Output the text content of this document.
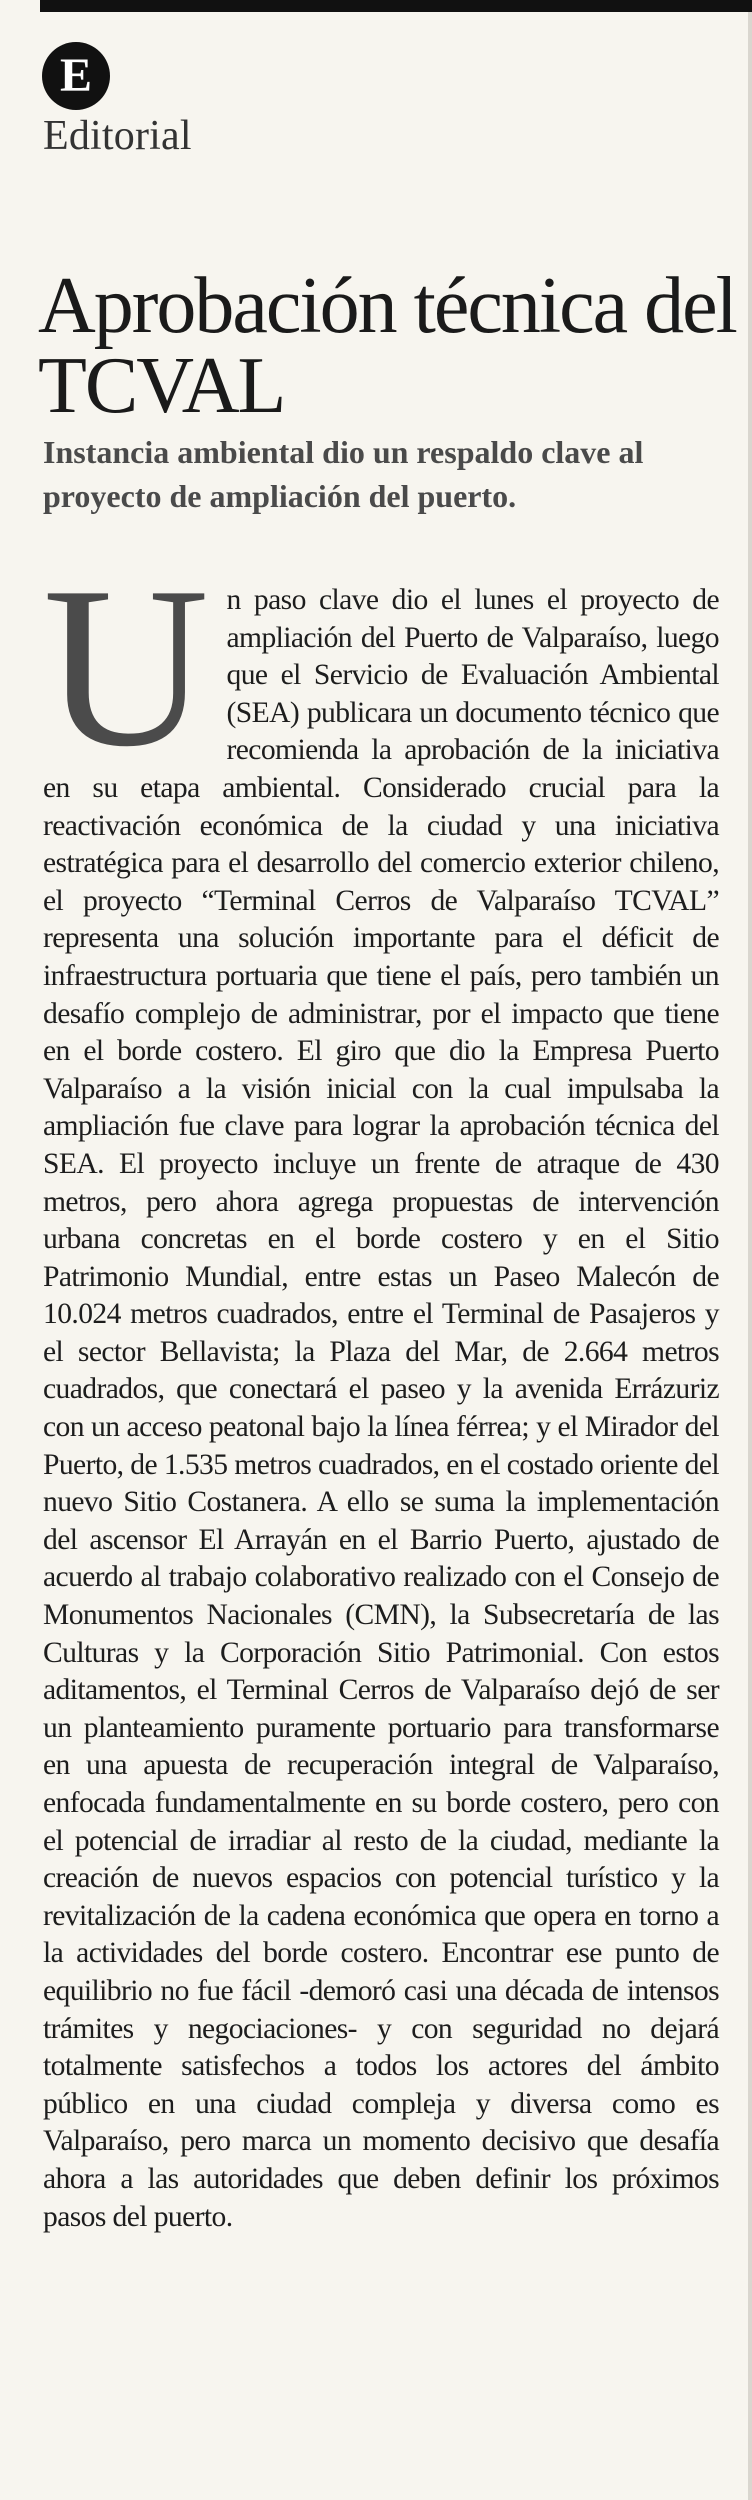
E
Editorial
Aprobación técnica del TCVAL
Instancia ambiental dio un respaldo clave al proyecto de ampliación del puerto.
Un paso clave dio el lunes el proyecto de ampliación del Puerto de Valparaíso, luego que el Servicio de Evaluación Ambiental (SEA) publicara un documento técnico que recomienda la aprobación de la iniciativa en su etapa ambiental. Considerado crucial para la reactivación económica de la ciudad y una iniciativa estratégica para el desarrollo del comercio exterior chileno, el proyecto “Terminal Cerros de Valparaíso TCVAL” representa una solución importante para el déficit de infraestructura portuaria que tiene el país, pero también un desafío complejo de administrar, por el impacto que tiene en el borde costero. El giro que dio la Empresa Puerto Valparaíso a la visión inicial con la cual impulsaba la ampliación fue clave para lograr la aprobación técnica del SEA. El proyecto incluye un frente de atraque de 430 metros, pero ahora agrega propuestas de intervención urbana concretas en el borde costero y en el Sitio Patrimonio Mundial, entre estas un Paseo Malecón de 10.024 metros cuadrados, entre el Terminal de Pasajeros y el sector Bellavista; la Plaza del Mar, de 2.664 metros cuadrados, que conectará el paseo y la avenida Errázuriz con un acceso peatonal bajo la línea férrea; y el Mirador del Puerto, de 1.535 metros cuadrados, en el costado oriente del nuevo Sitio Costanera. A ello se suma la implementación del ascensor El Arrayán en el Barrio Puerto, ajustado de acuerdo al trabajo colaborativo realizado con el Consejo de Monumentos Nacionales (CMN), la Subsecretaría de las Culturas y la Corporación Sitio Patrimonial. Con estos aditamentos, el Terminal Cerros de Valparaíso dejó de ser un planteamiento puramente portuario para transformarse en una apuesta de recuperación integral de Valparaíso, enfocada fundamentalmente en su borde costero, pero con el potencial de irradiar al resto de la ciudad, mediante la creación de nuevos espacios con potencial turístico y la revitalización de la cadena económica que opera en torno a la actividades del borde costero. Encontrar ese punto de equilibrio no fue fácil -demoró casi una década de intensos trámites y negociaciones- y con seguridad no dejará totalmente satisfechos a todos los actores del ámbito público en una ciudad compleja y diversa como es Valparaíso, pero marca un momento decisivo que desafía ahora a las autoridades que deben definir los próximos pasos del puerto.
